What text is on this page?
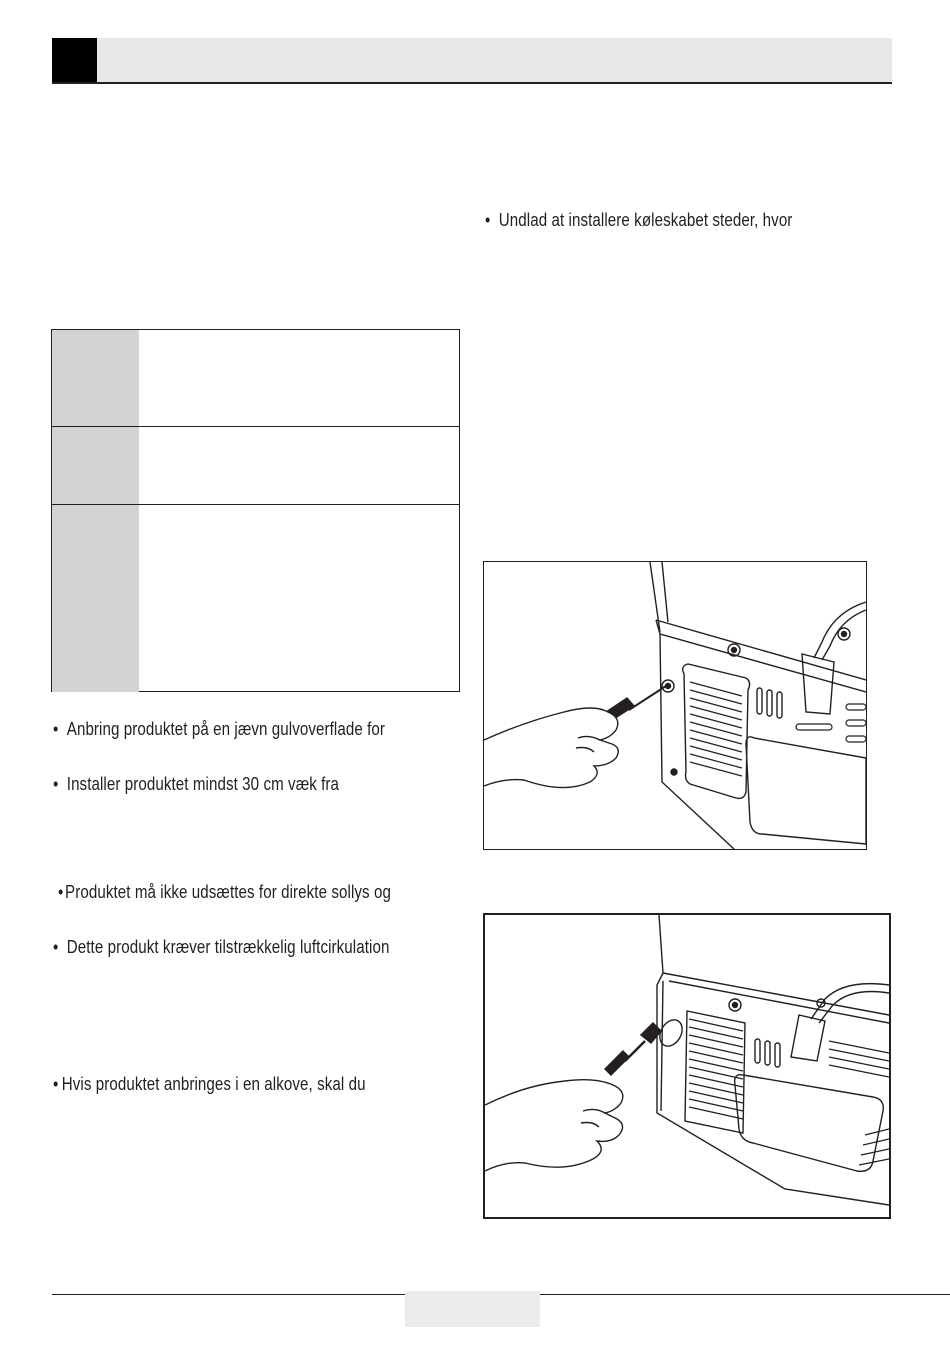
• Undlad at installere køleskabet steder, hvor
• Anbring produktet på en jævn gulvoverflade for
• Installer produktet mindst 30 cm væk fra
•Produktet må ikke udsættes for direkte sollys og
• Dette produkt kræver tilstrækkelig luftcirkulation
• Hvis produktet anbringes i en alkove, skal du
